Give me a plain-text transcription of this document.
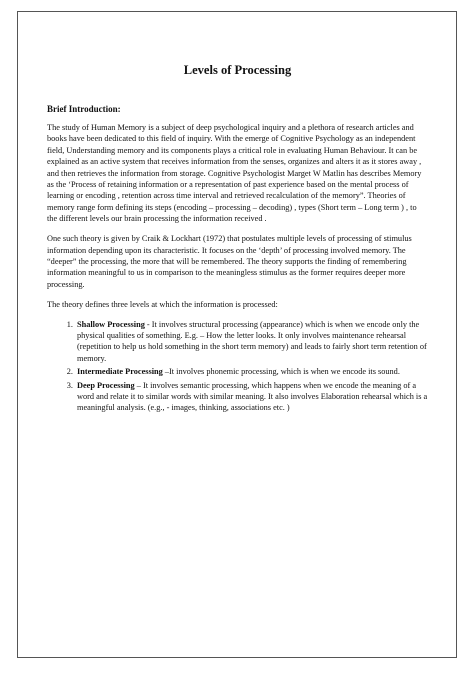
Levels of Processing
Brief Introduction:

The study of Human Memory is a subject of deep psychological inquiry and a plethora of research articles and books have been dedicated to this field of inquiry. With the emerge of Cognitive Psychology as an independent field, Understanding memory and its components plays a critical role in evaluating Human Behaviour. It can be explained as an active system that receives information from the senses, organizes and alters it as it stores away , and then retrieves the information from storage. Cognitive Psychologist Marget W Matlin has describes Memory as the ‘Process of retaining information or a representation of past experience based on the mental process of learning or encoding , retention across time interval and retrieved recalculation of the memory”. Theories of memory range form defining its steps (encoding – processing – decoding) , types (Short term – Long term ) , to the different levels our brain processing the information received .

One such theory is given by Craik & Lockhart (1972) that postulates multiple levels of processing of stimulus information depending upon its characteristic. It focuses on the ‘depth’ of processing involved memory. The “deeper” the processing, the more that will be remembered. The theory supports the finding of remembering information meaningful to us in comparison to the meaningless stimulus as the former requires deeper more processing.

The theory defines three levels at which the information is processed:

1. Shallow Processing - It involves structural processing (appearance) which is when we encode only the physical qualities of something. E.g. – How the letter looks. It only involves maintenance rehearsal (repetition to help us hold something in the short term memory) and leads to fairly short term retention of memory.
2. Intermediate Processing –It involves phonemic processing, which is when we encode its sound.
3. Deep Processing – It involves semantic processing, which happens when we encode the meaning of a word and relate it to similar words with similar meaning. It also involves Elaboration rehearsal which is a meaningful analysis. (e.g., - images, thinking, associations etc. )
